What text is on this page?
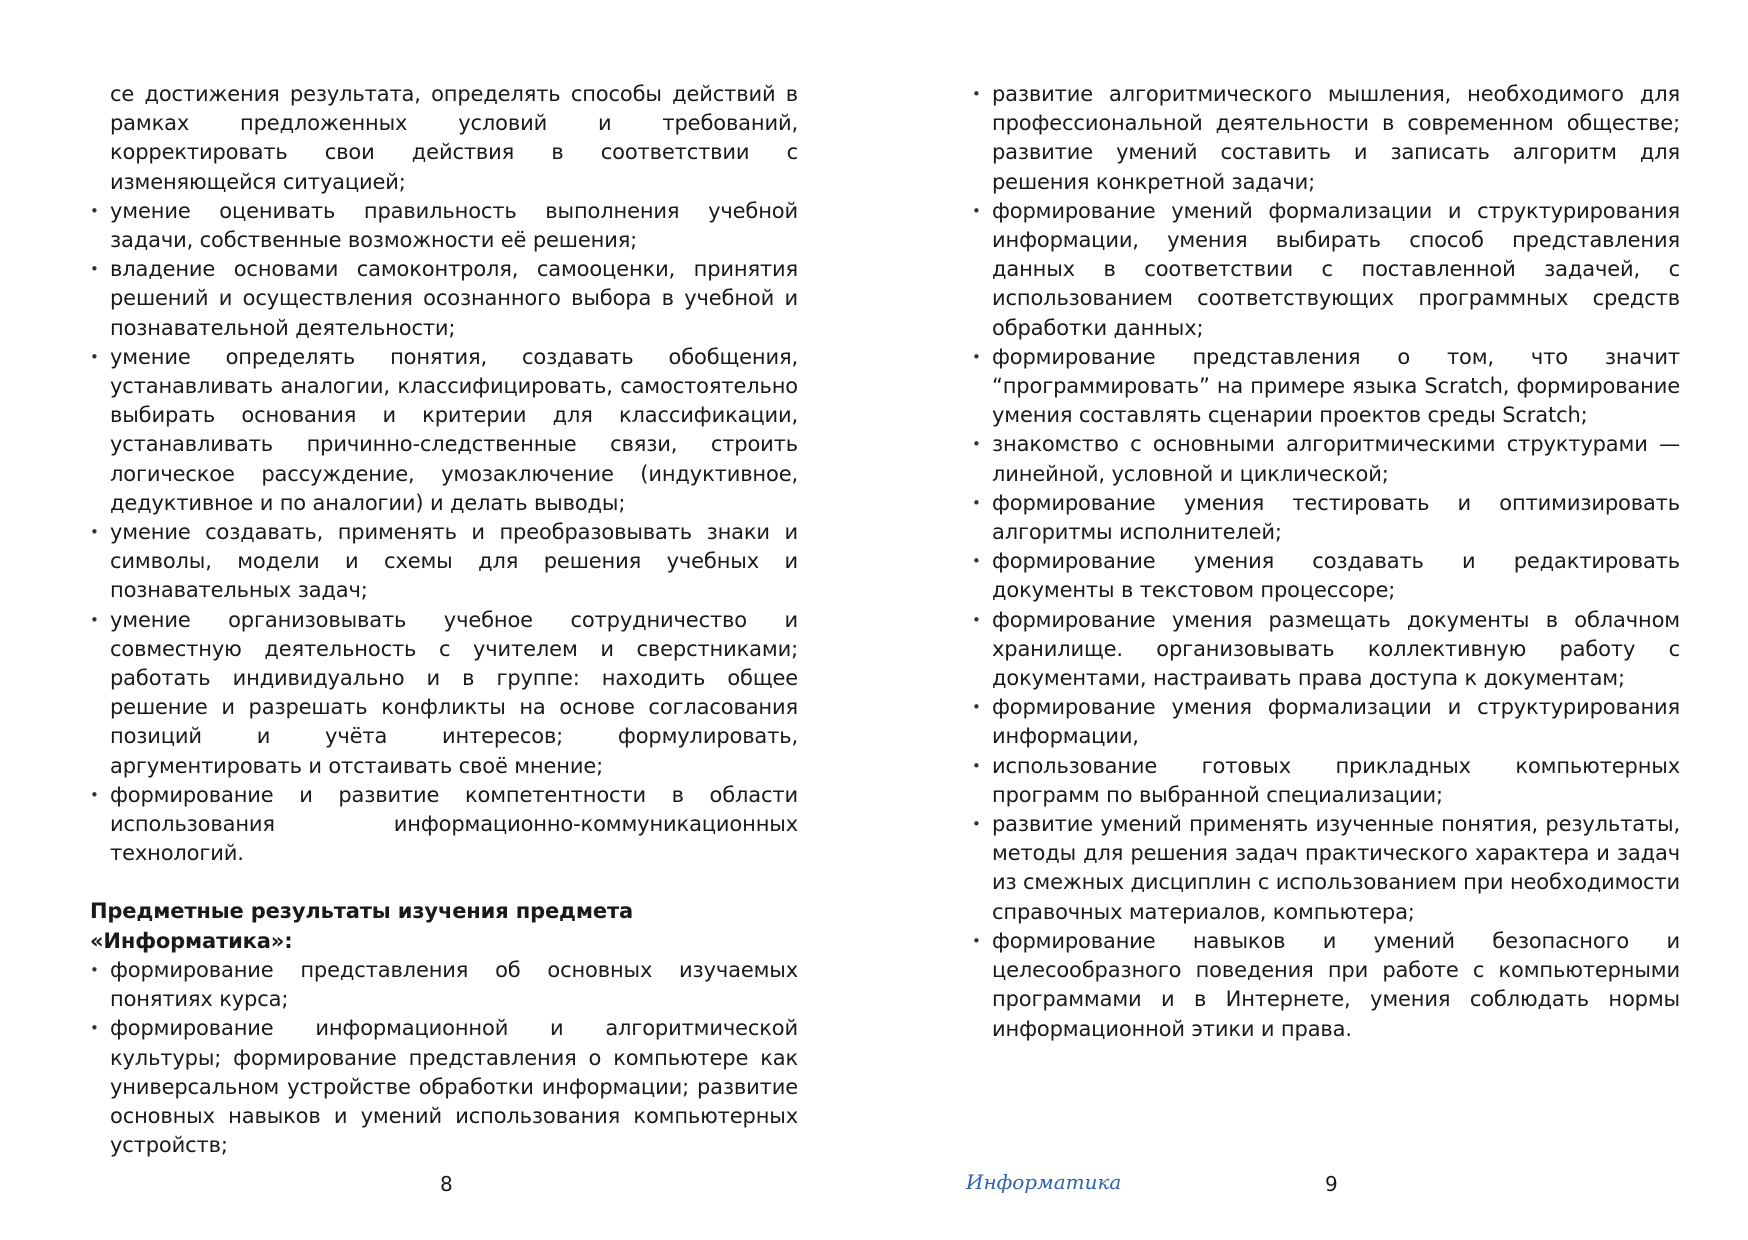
се достижения результата, определять способы действий в рамках предложенных условий и требований, корректировать свои действия в соответствии с изменяющейся ситуацией;

• умение оценивать правильность выполнения учебной задачи, собственные возможности её решения;
• владение основами самоконтроля, самооценки, принятия решений и осуществления осознанного выбора в учебной и познавательной деятельности;
• умение определять понятия, создавать обобщения, устанавливать аналогии, классифицировать, самостоятельно выбирать основания и критерии для классификации, устанавливать причинно-следственные связи, строить логическое рассуждение, умозаключение (индуктивное, дедуктивное и по аналогии) и делать выводы;
• умение создавать, применять и преобразовывать знаки и символы, модели и схемы для решения учебных и познавательных задач;
• умение организовывать учебное сотрудничество и совместную деятельность с учителем и сверстниками; работать индивидуально и в группе: находить общее решение и разрешать конфликты на основе согласования позиций и учёта интересов; формулировать, аргументировать и отстаивать своё мнение;
• формирование и развитие компетентности в области использования информационно-коммуникационных технологий.

Предметные результаты изучения предмета «Информатика»:

• формирование представления об основных изучаемых понятиях курса;
• формирование информационной и алгоритмической культуры; формирование представления о компьютере как универсальном устройстве обработки информации; развитие основных навыков и умений использования компьютерных устройств;
• развитие алгоритмического мышления, необходимого для профессиональной деятельности в современном обществе; развитие умений составить и записать алгоритм для решения конкретной задачи;
• формирование умений формализации и структурирования информации, умения выбирать способ представления данных в соответствии с поставленной задачей, с использованием соответствующих программных средств обработки данных;
• формирование представления о том, что значит “программировать” на примере языка Scratch, формирование умения составлять сценарии проектов среды Scratch;
• знакомство с основными алгоритмическими структурами — линейной, условной и циклической;
• формирование умения тестировать и оптимизировать алгоритмы исполнителей;
• формирование умения создавать и редактировать документы в текстовом процессоре;
• формирование умения размещать документы в облачном хранилище. организовывать коллективную работу с документами, настраивать права доступа к документам;
• формирование умения формализации и структурирования информации,
• использование готовых прикладных компьютерных программ по выбранной специализации;
• развитие умений применять изученные понятия, результаты, методы для решения задач практического характера и задач из смежных дисциплин с использованием при необходимости справочных материалов, компьютера;
• формирование навыков и умений безопасного и целесообразного поведения при работе с компьютерными программами и в Интернете, умения соблюдать нормы информационной этики и права.
8	Информатика	9
